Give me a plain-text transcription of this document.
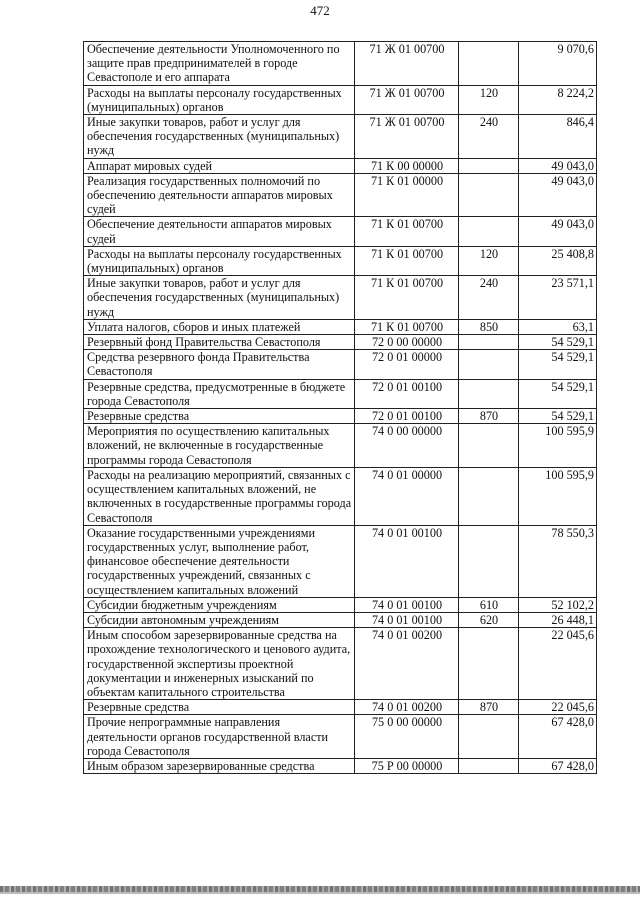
472
Обеспечение деятельности Уполномоченного по защите прав предпринимателей в городе Севастополе и его аппарата	71 Ж 01 00700		9 070,6
Расходы на выплаты персоналу государственных (муниципальных) органов	71 Ж 01 00700	120	8 224,2
Иные закупки товаров, работ и услуг для обеспечения государственных (муниципальных) нужд	71 Ж 01 00700	240	846,4
Аппарат мировых судей	71 К 00 00000		49 043,0
Реализация государственных полномочий по обеспечению деятельности аппаратов мировых судей	71 К 01 00000		49 043,0
Обеспечение деятельности аппаратов мировых судей	71 К 01 00700		49 043,0
Расходы на выплаты персоналу государственных (муниципальных) органов	71 К 01 00700	120	25 408,8
Иные закупки товаров, работ и услуг для обеспечения государственных (муниципальных) нужд	71 К 01 00700	240	23 571,1
Уплата налогов, сборов и иных платежей	71 К 01 00700	850	63,1
Резервный фонд Правительства Севастополя	72 0 00 00000		54 529,1
Средства резервного фонда Правительства Севастополя	72 0 01 00000		54 529,1
Резервные средства, предусмотренные в бюджете города Севастополя	72 0 01 00100		54 529,1
Резервные средства	72 0 01 00100	870	54 529,1
Мероприятия по осуществлению капитальных вложений, не включенные в государственные программы города Севастополя	74 0 00 00000		100 595,9
Расходы на реализацию мероприятий, связанных с осуществлением капитальных вложений, не включенных в государственные программы города Севастополя	74 0 01 00000		100 595,9
Оказание государственными учреждениями государственных услуг, выполнение работ, финансовое обеспечение деятельности государственных учреждений, связанных с осуществлением капитальных вложений	74 0 01 00100		78 550,3
Субсидии бюджетным учреждениям	74 0 01 00100	610	52 102,2
Субсидии автономным учреждениям	74 0 01 00100	620	26 448,1
Иным способом зарезервированные средства на прохождение технологического и ценового аудита, государственной экспертизы проектной документации и инженерных изысканий по объектам капитального строительства	74 0 01 00200		22 045,6
Резервные средства	74 0 01 00200	870	22 045,6
Прочие непрограммные направления деятельности органов государственной власти города Севастополя	75 0 00 00000		67 428,0
Иным образом зарезервированные средства	75 Р 00 00000		67 428,0
